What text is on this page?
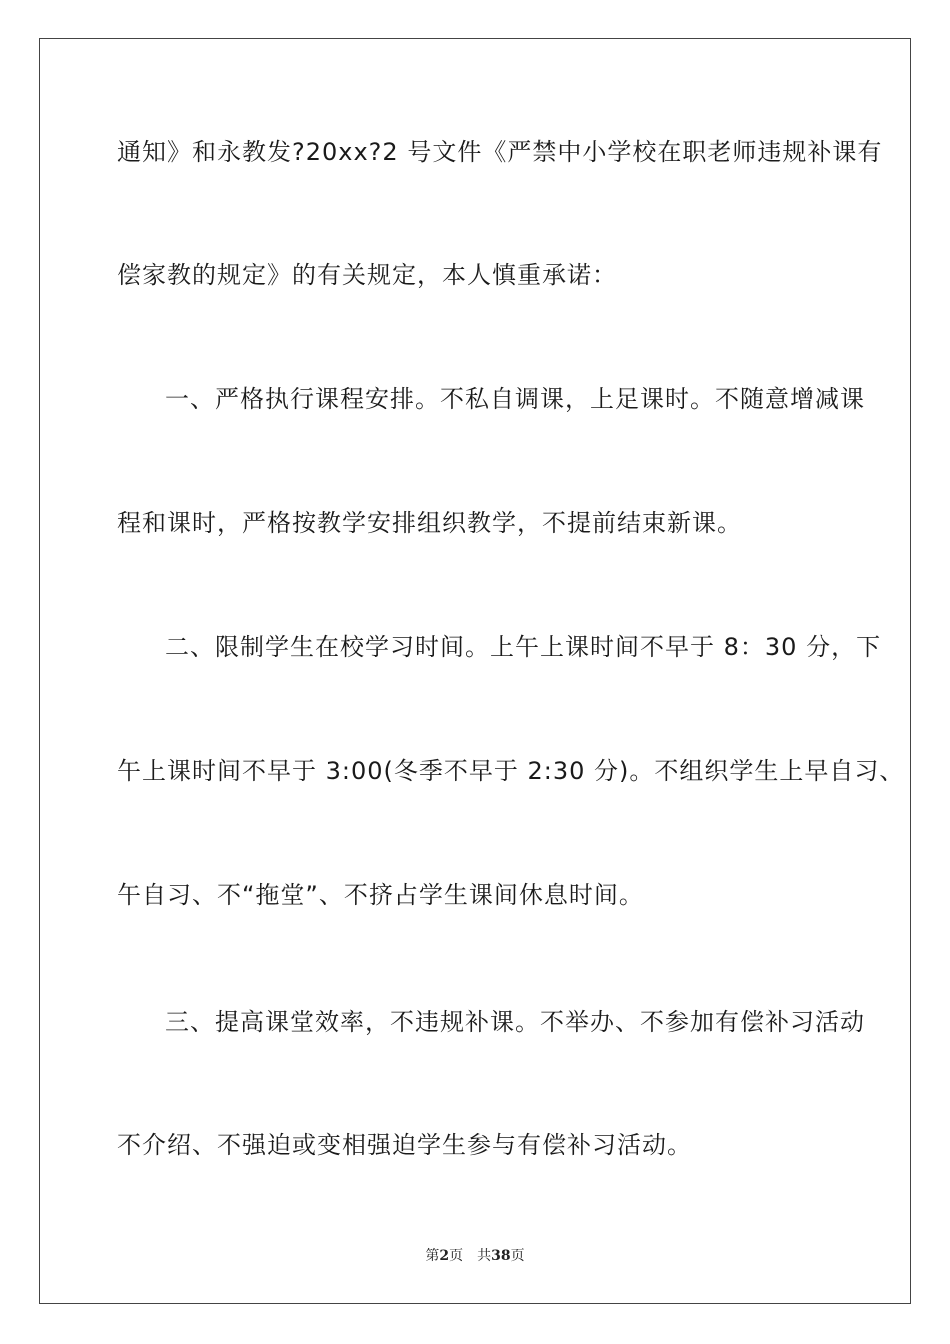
通知》和永教发?20xx?2 号文件《严禁中小学校在职老师违规补课有
偿家教的规定》的有关规定，本人慎重承诺：
一、严格执行课程安排。不私自调课，上足课时。不随意增减课
程和课时，严格按教学安排组织教学，不提前结束新课。
二、限制学生在校学习时间。上午上课时间不早于 8：30 分，下
午上课时间不早于 3:00(冬季不早于 2:30 分)。不组织学生上早自习、
午自习、不“拖堂”、不挤占学生课间休息时间。
三、提高课堂效率，不违规补课。不举办、不参加有偿补习活动
不介绍、不强迫或变相强迫学生参与有偿补习活动。
第2页 共38页
